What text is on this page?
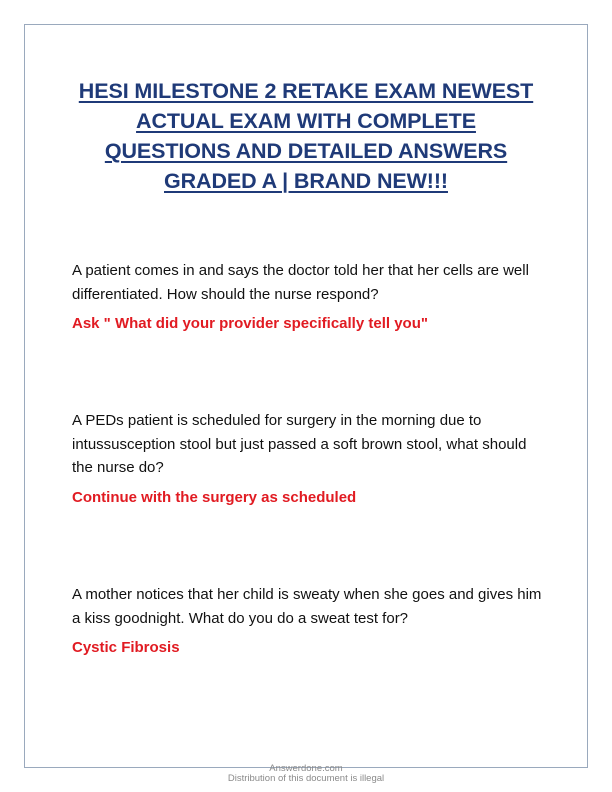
HESI MILESTONE 2 RETAKE EXAM NEWEST
ACTUAL EXAM WITH COMPLETE
QUESTIONS AND DETAILED ANSWERS
GRADED A | BRAND NEW!!!

A patient comes in and says the doctor told her that her cells are well differentiated. How should the nurse respond?

Ask " What did your provider specifically tell you"

A PEDs patient is scheduled for surgery in the morning due to intussusception stool but just passed a soft brown stool, what should the nurse do?

Continue with the surgery as scheduled

A mother notices that her child is sweaty when she goes and gives him a kiss goodnight. What do you do a sweat test for?

Cystic Fibrosis

Answerdone.com
Distribution of this document is illegal
